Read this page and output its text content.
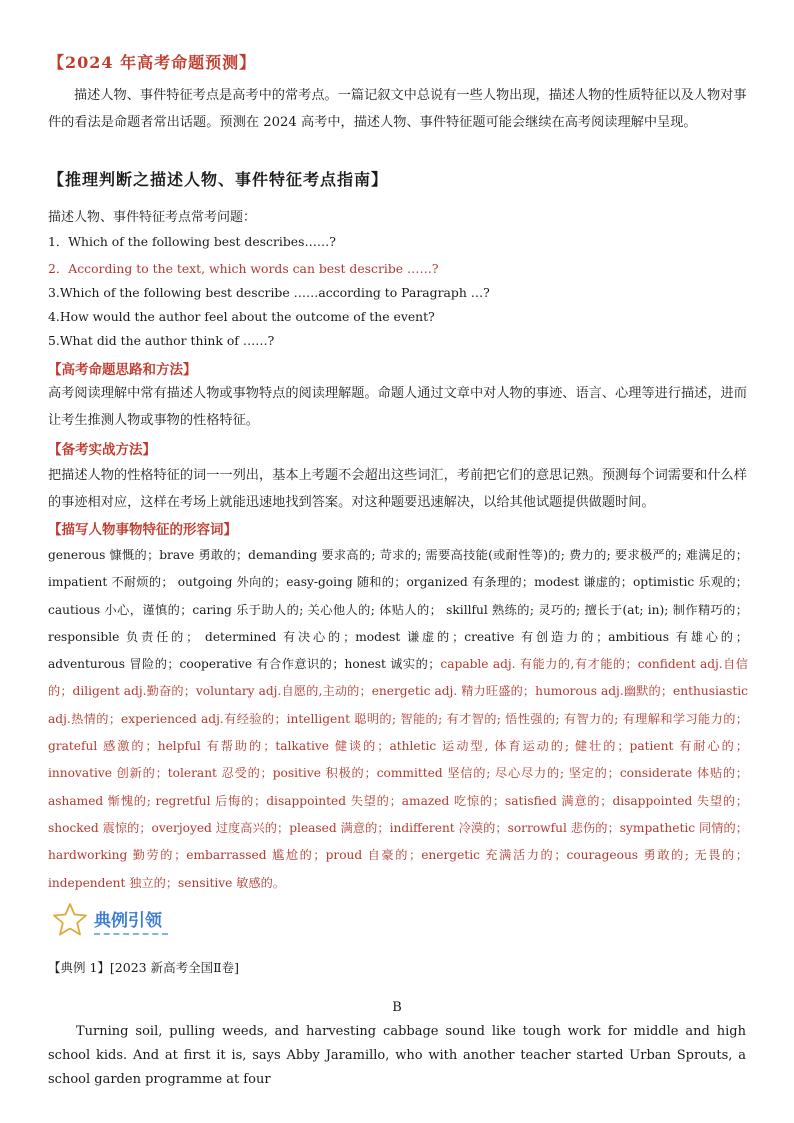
【2024 年高考命题预测】
描述人物、事件特征考点是高考中的常考点。一篇记叙文中总说有一些人物出现，描述人物的性质特征以及人物对事件的看法是命题者常出话题。预测在 2024 高考中，描述人物、事件特征题可能会继续在高考阅读理解中呈现。
【推理判断之描述人物、事件特征考点指南】
描述人物、事件特征考点常考问题：
1．Which of the following best describes……?
2．According to the text, which words can best describe ……?
3.Which of the following best describe ……according to Paragraph …?
4.How would the author feel about the outcome of the event?
5.What did the author think of ……?
【高考命题思路和方法】
高考阅读理解中常有描述人物或事物特点的阅读理解题。命题人通过文章中对人物的事迹、语言、心理等进行描述，进而让考生推测人物或事物的性格特征。
【备考实战方法】
把描述人物的性格特征的词一一列出，基本上考题不会超出这些词汇，考前把它们的意思记熟。预测每个词需要和什么样的事迹相对应，这样在考场上就能迅速地找到答案。对这种题要迅速解决，以给其他试题提供做题时间。
【描写人物事物特征的形容词】
generous 慷慨的；brave 勇敢的；demanding 要求高的; 苛求的; 需要高技能(或耐性等)的; 费力的; 要求极严的; 难满足的；impatient 不耐烦的； outgoing 外向的；easy-going 随和的；organized 有条理的；modest 谦虚的；optimistic 乐观的；cautious 小心，谨慎的；caring 乐于助人的; 关心他人的; 体贴人的； skillful 熟练的; 灵巧的; 擅长于(at; in); 制作精巧的；responsible 负责任的； determined 有决心的；modest 谦虚的；creative 有创造力的；ambitious 有雄心的；adventurous 冒险的；cooperative 有合作意识的；honest 诚实的；capable adj. 有能力的,有才能的；confident adj.自信的；diligent adj.勤奋的；voluntary adj.自愿的,主动的；energetic adj. 精力旺盛的；humorous adj.幽默的；enthusiastic adj.热情的；experienced adj.有经验的；intelligent 聪明的; 智能的; 有才智的; 悟性强的; 有智力的; 有理解和学习能力的；grateful 感激的；helpful 有帮助的；talkative 健谈的；athletic 运动型, 体育运动的; 健壮的；patient 有耐心的；innovative 创新的；tolerant 忍受的；positive 积极的；committed 坚信的; 尽心尽力的; 坚定的；considerate 体贴的；ashamed 惭愧的; regretful 后悔的；disappointed 失望的；amazed 吃惊的；satisfied 满意的；disappointed 失望的；shocked 震惊的；overjoyed 过度高兴的；pleased 满意的；indifferent 冷漠的；sorrowful 悲伤的；sympathetic 同情的；hardworking 勤劳的；embarrassed 尴尬的；proud 自豪的；energetic 充满活力的；courageous 勇敢的; 无畏的；independent 独立的；sensitive 敏感的。
典例引领
【典例 1】[2023 新高考全国Ⅱ卷]
B
Turning soil, pulling weeds, and harvesting cabbage sound like tough work for middle and high school kids. And at first it is, says Abby Jaramillo, who with another teacher started Urban Sprouts, a school garden programme at four
